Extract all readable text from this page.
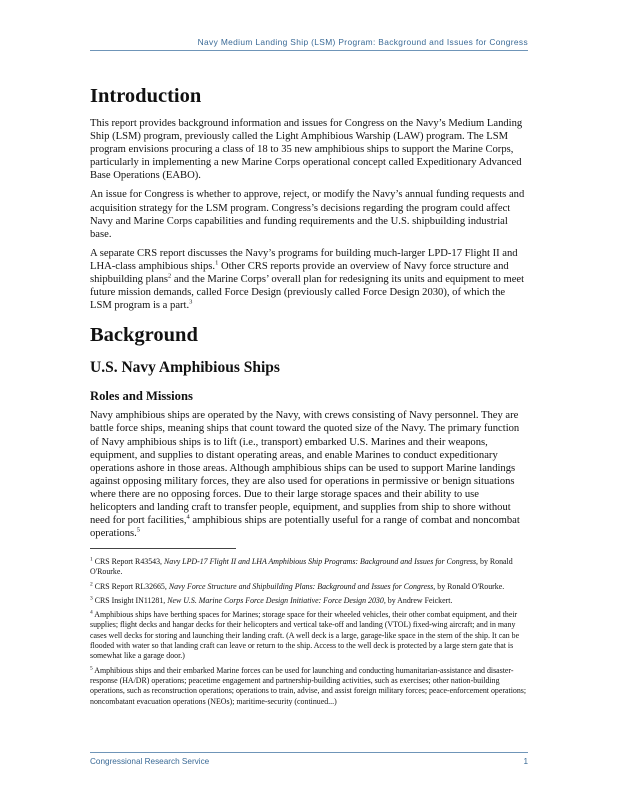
Navy Medium Landing Ship (LSM) Program: Background and Issues for Congress
Introduction

This report provides background information and issues for Congress on the Navy’s Medium Landing Ship (LSM) program, previously called the Light Amphibious Warship (LAW) program. The LSM program envisions procuring a class of 18 to 35 new amphibious ships to support the Marine Corps, particularly in implementing a new Marine Corps operational concept called Expeditionary Advanced Base Operations (EABO).

An issue for Congress is whether to approve, reject, or modify the Navy’s annual funding requests and acquisition strategy for the LSM program. Congress’s decisions regarding the program could affect Navy and Marine Corps capabilities and funding requirements and the U.S. shipbuilding industrial base.

A separate CRS report discusses the Navy’s programs for building much-larger LPD-17 Flight II and LHA-class amphibious ships.$^1$ Other CRS reports provide an overview of Navy force structure and shipbuilding plans$^2$ and the Marine Corps’ overall plan for redesigning its units and equipment to meet future mission demands, called Force Design (previously called Force Design 2030), of which the LSM program is a part.$^3$

Background
U.S. Navy Amphibious Ships
Roles and Missions

Navy amphibious ships are operated by the Navy, with crews consisting of Navy personnel. They are battle force ships, meaning ships that count toward the quoted size of the Navy. The primary function of Navy amphibious ships is to lift (i.e., transport) embarked U.S. Marines and their weapons, equipment, and supplies to distant operating areas, and enable Marines to conduct expeditionary operations ashore in those areas. Although amphibious ships can be used to support Marine landings against opposing military forces, they are also used for operations in permissive or benign situations where there are no opposing forces. Due to their large storage spaces and their ability to use helicopters and landing craft to transfer people, equipment, and supplies from ship to shore without need for port facilities,$^4$ amphibious ships are potentially useful for a range of combat and noncombat operations.$^5$

$^1$ CRS Report R43543, Navy LPD-17 Flight II and LHA Amphibious Ship Programs: Background and Issues for Congress, by Ronald O'Rourke.

$^2$ CRS Report RL32665, Navy Force Structure and Shipbuilding Plans: Background and Issues for Congress, by Ronald O'Rourke.

$^3$ CRS Insight IN11281, New U.S. Marine Corps Force Design Initiative: Force Design 2030, by Andrew Feickert.

$^4$ Amphibious ships have berthing spaces for Marines; storage space for their wheeled vehicles, their other combat equipment, and their supplies; flight decks and hangar decks for their helicopters and vertical take-off and landing (VTOL) fixed-wing aircraft; and in many cases well decks for storing and launching their landing craft. (A well deck is a large, garage-like space in the stern of the ship. It can be flooded with water so that landing craft can leave or return to the ship. Access to the well deck is protected by a large stern gate that is somewhat like a garage door.)

$^5$ Amphibious ships and their embarked Marine forces can be used for launching and conducting humanitarian-assistance and disaster-response (HA/DR) operations; peacetime engagement and partnership-building activities, such as exercises; other nation-building operations, such as reconstruction operations; operations to train, advise, and assist foreign military forces; peace-enforcement operations; noncombatant evacuation operations (NEOs); maritime-security (continued...)

Congressional Research Service	1
